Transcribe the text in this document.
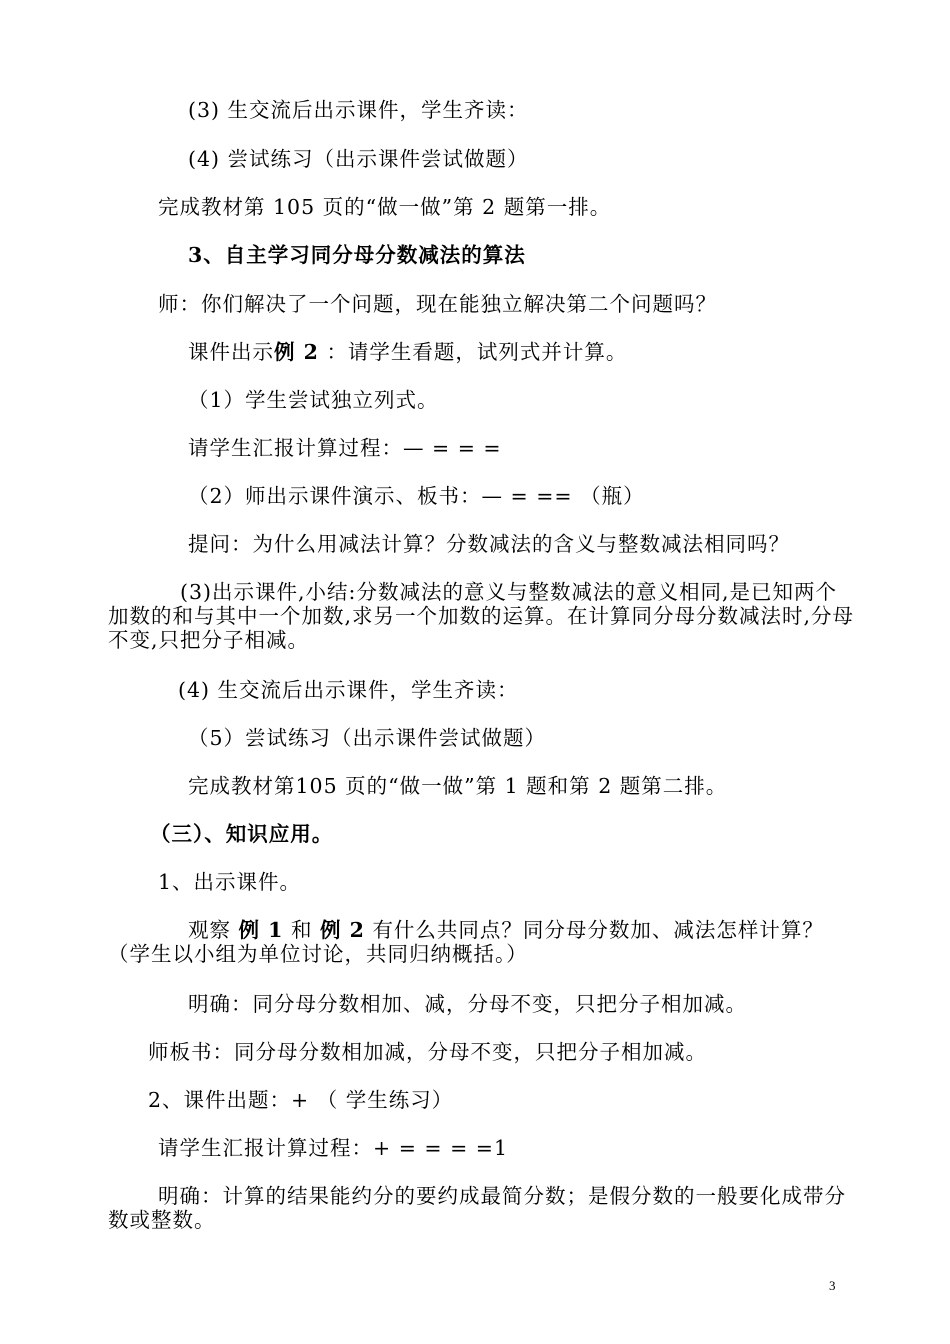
(3) 生交流后出示课件，学生齐读：
(4) 尝试练习（出示课件尝试做题）
完成教材第 105 页的“做一做”第 2 题第一排。
3、自主学习同分母分数减法的算法
师：你们解决了一个问题，现在能独立解决第二个问题吗？
课件出示例 2 ：请学生看题，试列式并计算。
（1）学生尝试独立列式。
请学生汇报计算过程：— = = =
（2）师出示课件演示、板书：— = == （瓶）
提问：为什么用减法计算？分数减法的含义与整数减法相同吗？
(3)出示课件,小结:分数减法的意义与整数减法的意义相同,是已知两个加数的和与其中一个加数,求另一个加数的运算。在计算同分母分数减法时,分母不变,只把分子相减。
(4) 生交流后出示课件，学生齐读：
（5）尝试练习（出示课件尝试做题）
完成教材第105 页的“做一做”第 1 题和第 2 题第二排。
（三）、知识应用。
1、出示课件。
观察 例 1 和 例 2 有什么共同点？同分母分数加、减法怎样计算？（学生以小组为单位讨论，共同归纳概括。）
明确：同分母分数相加、减，分母不变，只把分子相加减。
师板书：同分母分数相加减，分母不变，只把分子相加减。
2、课件出题：+ （ 学生练习）
请学生汇报计算过程：+ = = = =1
明确：计算的结果能约分的要约成最简分数；是假分数的一般要化成带分数或整数。
3
